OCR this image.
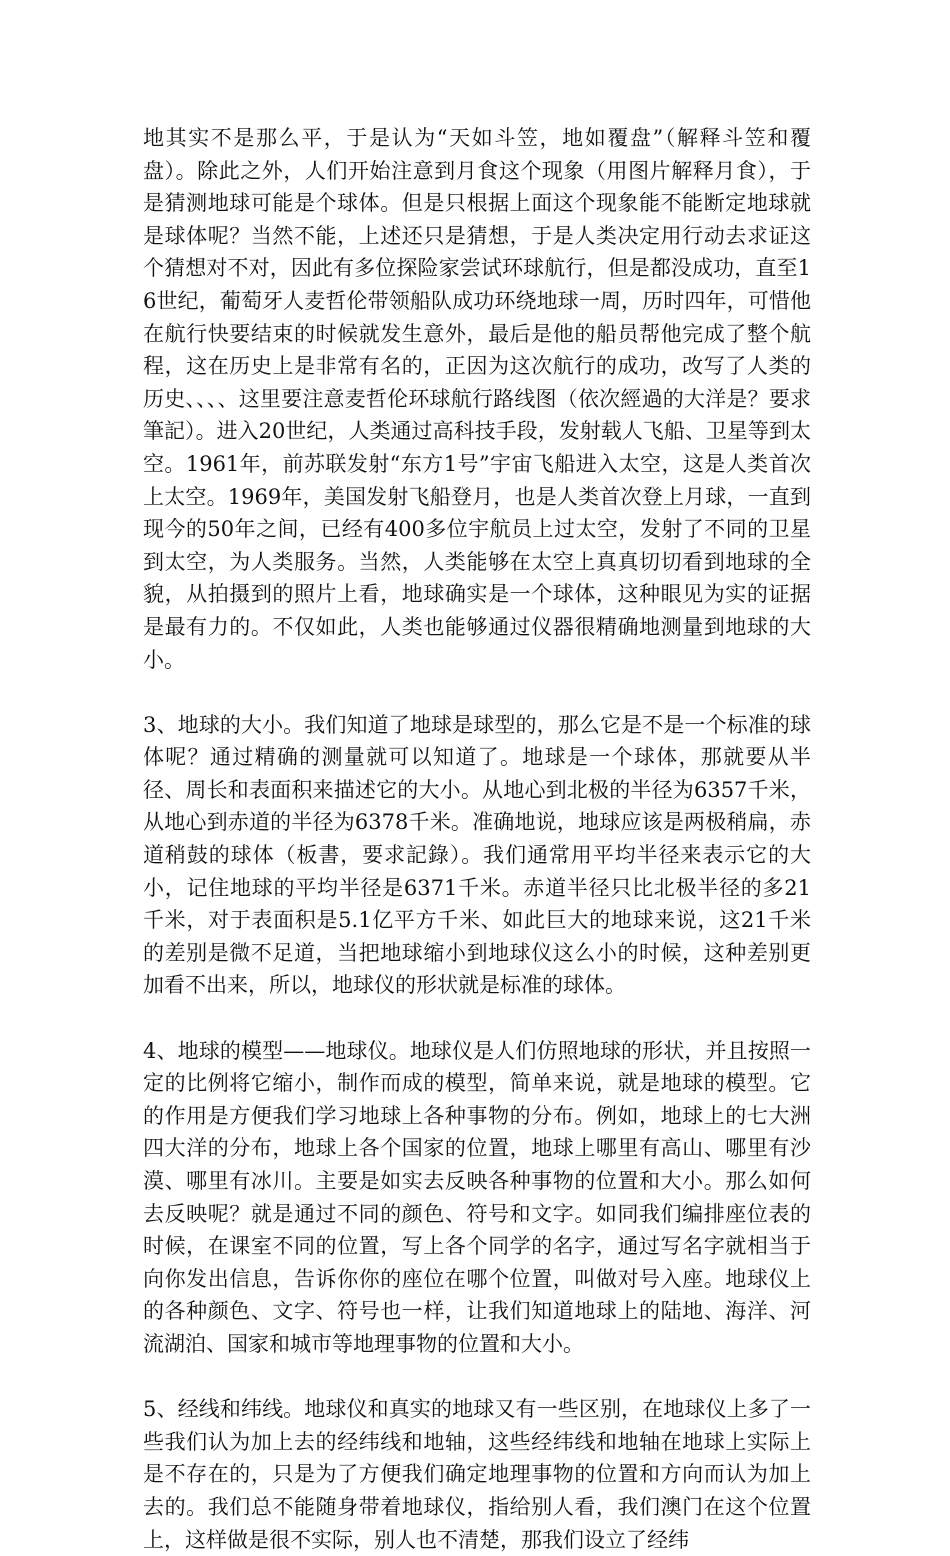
地其实不是那么平，于是认为“天如斗笠，地如覆盘”（解释斗笠和覆盘）。除此之外，人们开始注意到月食这个现象（用图片解释月食），于是猜测地球可能是个球体。但是只根据上面这个现象能不能断定地球就是球体呢？当然不能，上述还只是猜想，于是人类决定用行动去求证这个猜想对不对，因此有多位探险家尝试环球航行，但是都没成功，直至16世纪，葡萄牙人麦哲伦带领船队成功环绕地球一周，历时四年，可惜他在航行快要结束的时候就发生意外，最后是他的船员帮他完成了整个航程，这在历史上是非常有名的，正因为这次航行的成功，改写了人类的历史、、、、这里要注意麦哲伦环球航行路线图（依次經過的大洋是？要求筆記）。进入20世纪，人类通过高科技手段，发射载人飞船、卫星等到太空。1961年，前苏联发射“东方1号”宇宙飞船进入太空，这是人类首次上太空。1969年，美国发射飞船登月，也是人类首次登上月球，一直到现今的50年之间，已经有400多位宇航员上过太空，发射了不同的卫星到太空，为人类服务。当然，人类能够在太空上真真切切看到地球的全貌，从拍摄到的照片上看，地球确实是一个球体，这种眼见为实的证据是最有力的。不仅如此，人类也能够通过仪器很精确地测量到地球的大小。

3、地球的大小。我们知道了地球是球型的，那么它是不是一个标准的球体呢？通过精确的测量就可以知道了。地球是一个球体，那就要从半径、周长和表面积来描述它的大小。从地心到北极的半径为6357千米，从地心到赤道的半径为6378千米。准确地说，地球应该是两极稍扁，赤道稍鼓的球体（板書，要求記錄）。我们通常用平均半径来表示它的大小，记住地球的平均半径是6371千米。赤道半径只比北极半径的多21千米，对于表面积是5.1亿平方千米、如此巨大的地球来说，这21千米的差别是微不足道，当把地球缩小到地球仪这么小的时候，这种差别更加看不出来，所以，地球仪的形状就是标准的球体。

4、地球的模型——地球仪。地球仪是人们仿照地球的形状，并且按照一定的比例将它缩小，制作而成的模型，简单来说，就是地球的模型。它的作用是方便我们学习地球上各种事物的分布。例如，地球上的七大洲四大洋的分布，地球上各个国家的位置，地球上哪里有高山、哪里有沙漠、哪里有冰川。主要是如实去反映各种事物的位置和大小。那么如何去反映呢？就是通过不同的颜色、符号和文字。如同我们编排座位表的时候，在课室不同的位置，写上各个同学的名字，通过写名字就相当于向你发出信息，告诉你你的座位在哪个位置，叫做对号入座。地球仪上的各种颜色、文字、符号也一样，让我们知道地球上的陆地、海洋、河流湖泊、国家和城市等地理事物的位置和大小。

5、经线和纬线。地球仪和真实的地球又有一些区别，在地球仪上多了一些我们认为加上去的经纬线和地轴，这些经纬线和地轴在地球上实际上是不存在的，只是为了方便我们确定地理事物的位置和方向而认为加上去的。我们总不能随身带着地球仪，指给别人看，我们澳门在这个位置上，这样做是很不实际，别人也不清楚，那我们设立了经纬
